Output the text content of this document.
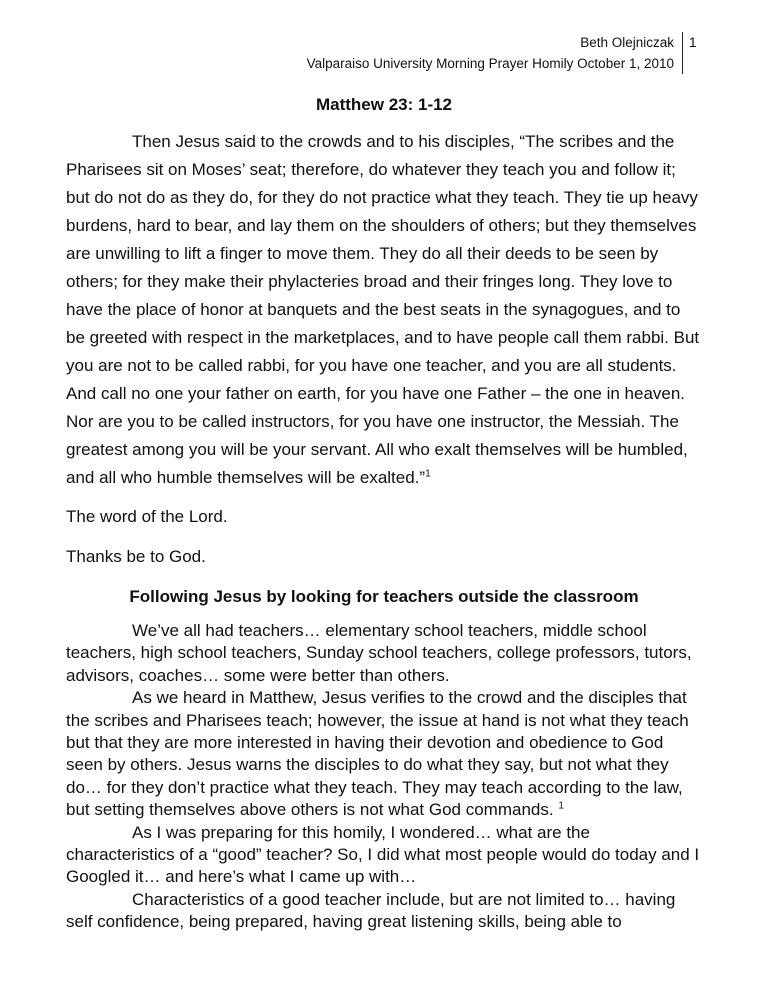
Beth Olejniczak
Valparaiso University Morning Prayer Homily October 1, 2010
1
Matthew 23: 1-12

Then Jesus said to the crowds and to his disciples, “The scribes and the Pharisees sit on Moses’ seat; therefore, do whatever they teach you and follow it; but do not do as they do, for they do not practice what they teach. They tie up heavy burdens, hard to bear, and lay them on the shoulders of others; but they themselves are unwilling to lift a finger to move them. They do all their deeds to be seen by others; for they make their phylacteries broad and their fringes long. They love to have the place of honor at banquets and the best seats in the synagogues, and to be greeted with respect in the marketplaces, and to have people call them rabbi. But you are not to be called rabbi, for you have one teacher, and you are all students. And call no one your father on earth, for you have one Father – the one in heaven. Nor are you to be called instructors, for you have one instructor, the Messiah. The greatest among you will be your servant. All who exalt themselves will be humbled, and all who humble themselves will be exalted.”$^1$

The word of the Lord.

Thanks be to God.

Following Jesus by looking for teachers outside the classroom

We’ve all had teachers… elementary school teachers, middle school teachers, high school teachers, Sunday school teachers, college professors, tutors, advisors, coaches… some were better than others.

As we heard in Matthew, Jesus verifies to the crowd and the disciples that the scribes and Pharisees teach; however, the issue at hand is not what they teach but that they are more interested in having their devotion and obedience to God seen by others. Jesus warns the disciples to do what they say, but not what they do… for they don’t practice what they teach. They may teach according to the law, but setting themselves above others is not what God commands. $^1$

As I was preparing for this homily, I wondered… what are the characteristics of a “good” teacher? So, I did what most people would do today and I Googled it… and here’s what I came up with…

Characteristics of a good teacher include, but are not limited to… having self confidence, being prepared, having great listening skills, being able to
